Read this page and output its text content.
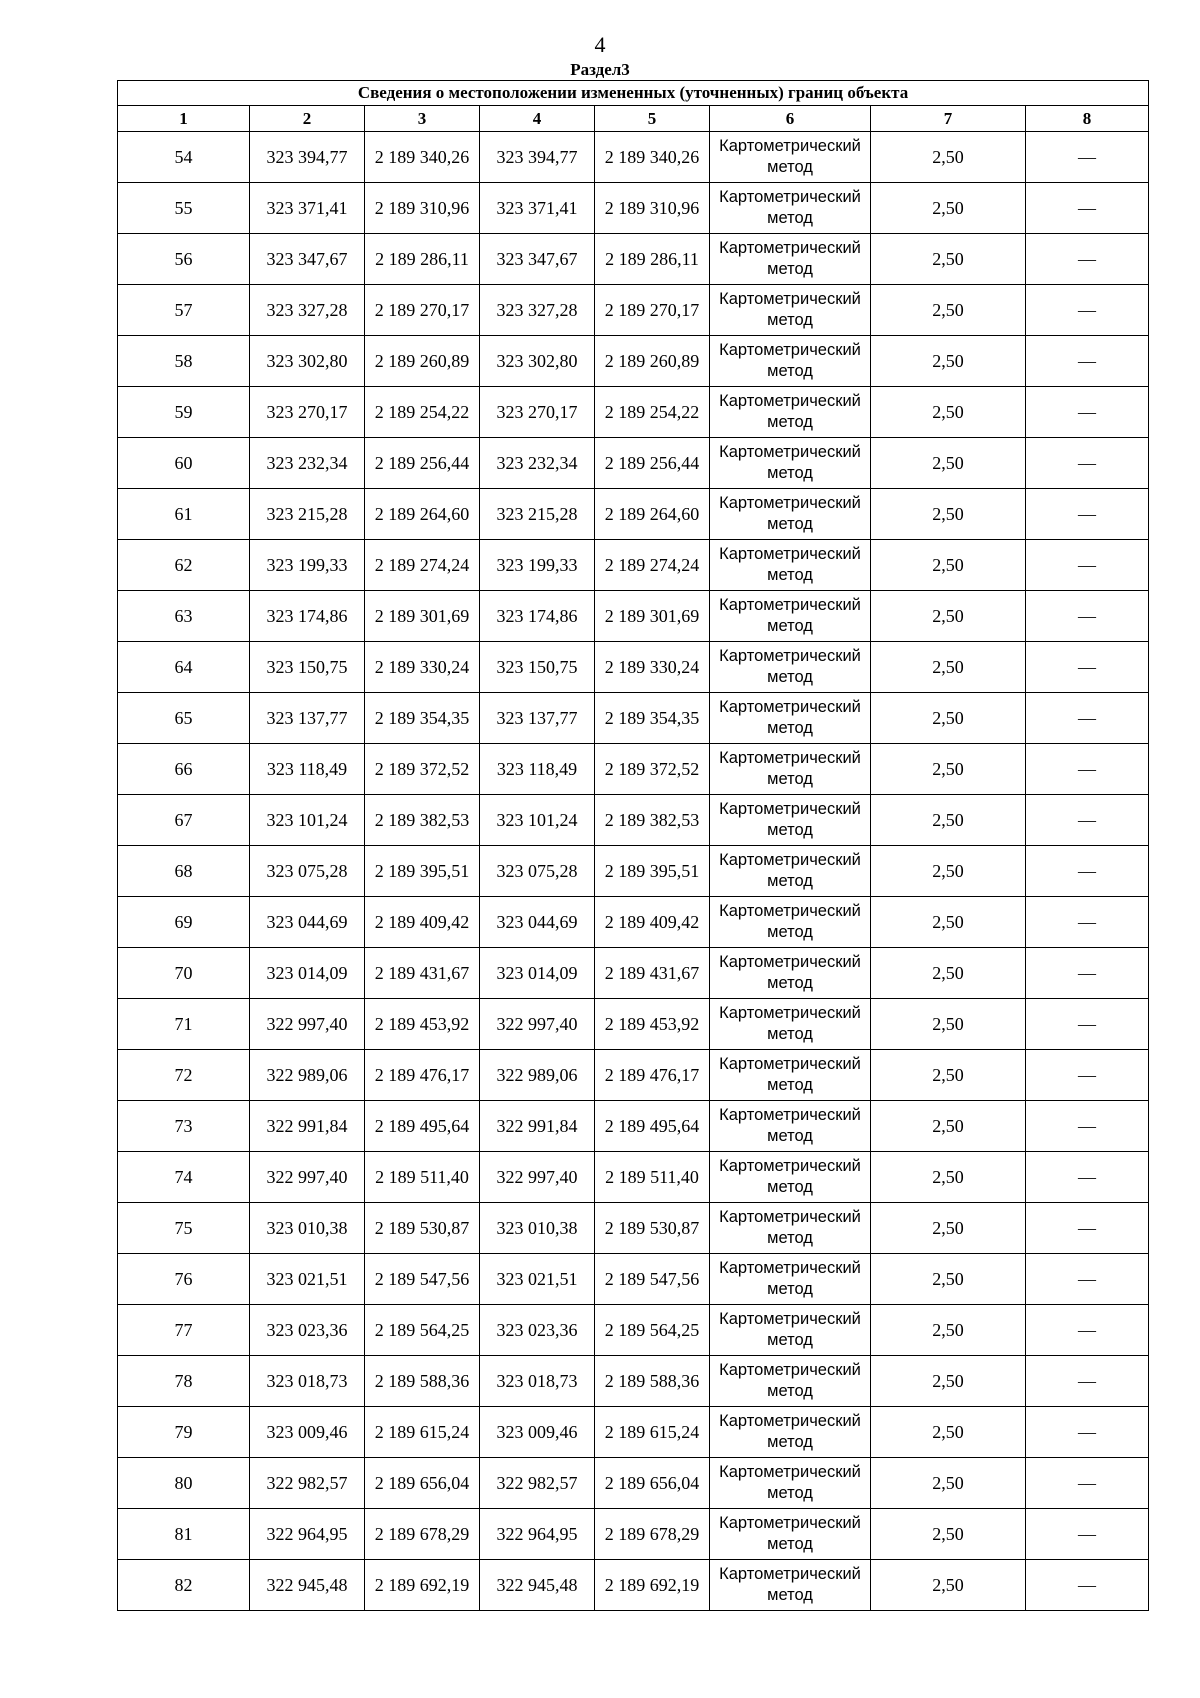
4
Раздел3
Сведения о местоположении измененных (уточненных) границ объекта							
1	2	3	4	5	6	7	8
54	323 394,77	2 189 340,26	323 394,77	2 189 340,26	Картометрический метод	2,50	—
55	323 371,41	2 189 310,96	323 371,41	2 189 310,96	Картометрический метод	2,50	—
56	323 347,67	2 189 286,11	323 347,67	2 189 286,11	Картометрический метод	2,50	—
57	323 327,28	2 189 270,17	323 327,28	2 189 270,17	Картометрический метод	2,50	—
58	323 302,80	2 189 260,89	323 302,80	2 189 260,89	Картометрический метод	2,50	—
59	323 270,17	2 189 254,22	323 270,17	2 189 254,22	Картометрический метод	2,50	—
60	323 232,34	2 189 256,44	323 232,34	2 189 256,44	Картометрический метод	2,50	—
61	323 215,28	2 189 264,60	323 215,28	2 189 264,60	Картометрический метод	2,50	—
62	323 199,33	2 189 274,24	323 199,33	2 189 274,24	Картометрический метод	2,50	—
63	323 174,86	2 189 301,69	323 174,86	2 189 301,69	Картометрический метод	2,50	—
64	323 150,75	2 189 330,24	323 150,75	2 189 330,24	Картометрический метод	2,50	—
65	323 137,77	2 189 354,35	323 137,77	2 189 354,35	Картометрический метод	2,50	—
66	323 118,49	2 189 372,52	323 118,49	2 189 372,52	Картометрический метод	2,50	—
67	323 101,24	2 189 382,53	323 101,24	2 189 382,53	Картометрический метод	2,50	—
68	323 075,28	2 189 395,51	323 075,28	2 189 395,51	Картометрический метод	2,50	—
69	323 044,69	2 189 409,42	323 044,69	2 189 409,42	Картометрический метод	2,50	—
70	323 014,09	2 189 431,67	323 014,09	2 189 431,67	Картометрический метод	2,50	—
71	322 997,40	2 189 453,92	322 997,40	2 189 453,92	Картометрический метод	2,50	—
72	322 989,06	2 189 476,17	322 989,06	2 189 476,17	Картометрический метод	2,50	—
73	322 991,84	2 189 495,64	322 991,84	2 189 495,64	Картометрический метод	2,50	—
74	322 997,40	2 189 511,40	322 997,40	2 189 511,40	Картометрический метод	2,50	—
75	323 010,38	2 189 530,87	323 010,38	2 189 530,87	Картометрический метод	2,50	—
76	323 021,51	2 189 547,56	323 021,51	2 189 547,56	Картометрический метод	2,50	—
77	323 023,36	2 189 564,25	323 023,36	2 189 564,25	Картометрический метод	2,50	—
78	323 018,73	2 189 588,36	323 018,73	2 189 588,36	Картометрический метод	2,50	—
79	323 009,46	2 189 615,24	323 009,46	2 189 615,24	Картометрический метод	2,50	—
80	322 982,57	2 189 656,04	322 982,57	2 189 656,04	Картометрический метод	2,50	—
81	322 964,95	2 189 678,29	322 964,95	2 189 678,29	Картометрический метод	2,50	—
82	322 945,48	2 189 692,19	322 945,48	2 189 692,19	Картометрический метод	2,50	—
